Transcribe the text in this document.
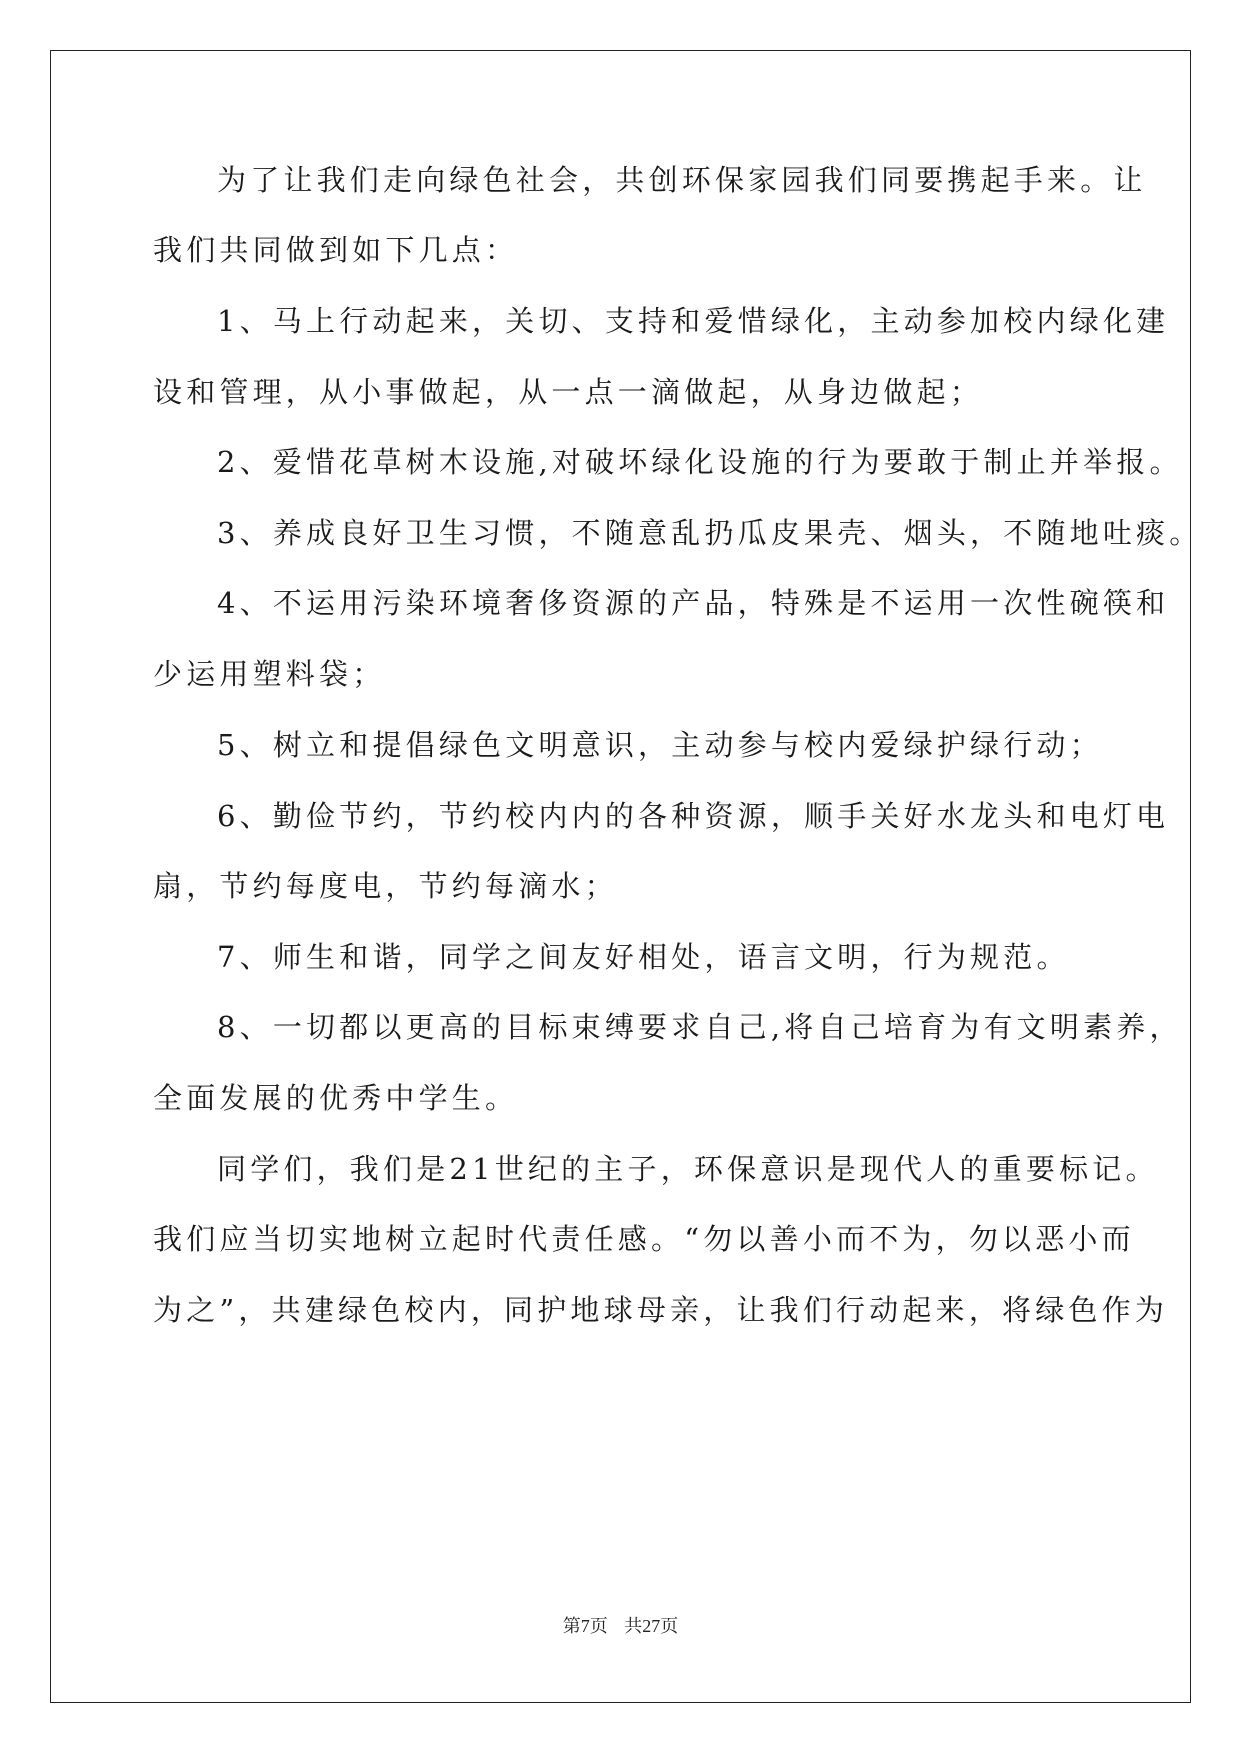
为了让我们走向绿色社会，共创环保家园我们同要携起手来。让
我们共同做到如下几点：
1、马上行动起来，关切、支持和爱惜绿化，主动参加校内绿化建
设和管理，从小事做起，从一点一滴做起，从身边做起；
2、爱惜花草树木设施,对破坏绿化设施的行为要敢于制止并举报。
3、养成良好卫生习惯，不随意乱扔瓜皮果壳、烟头，不随地吐痰。
4、不运用污染环境奢侈资源的产品，特殊是不运用一次性碗筷和
少运用塑料袋；
5、树立和提倡绿色文明意识，主动参与校内爱绿护绿行动；
6、勤俭节约，节约校内内的各种资源，顺手关好水龙头和电灯电
扇，节约每度电，节约每滴水；
7、师生和谐，同学之间友好相处，语言文明，行为规范。
8、一切都以更高的目标束缚要求自己,将自己培育为有文明素养，
全面发展的优秀中学生。
同学们，我们是21世纪的主子，环保意识是现代人的重要标记。
我们应当切实地树立起时代责任感。“勿以善小而不为，勿以恶小而
为之”，共建绿色校内，同护地球母亲，让我们行动起来，将绿色作为
第7页 共27页
